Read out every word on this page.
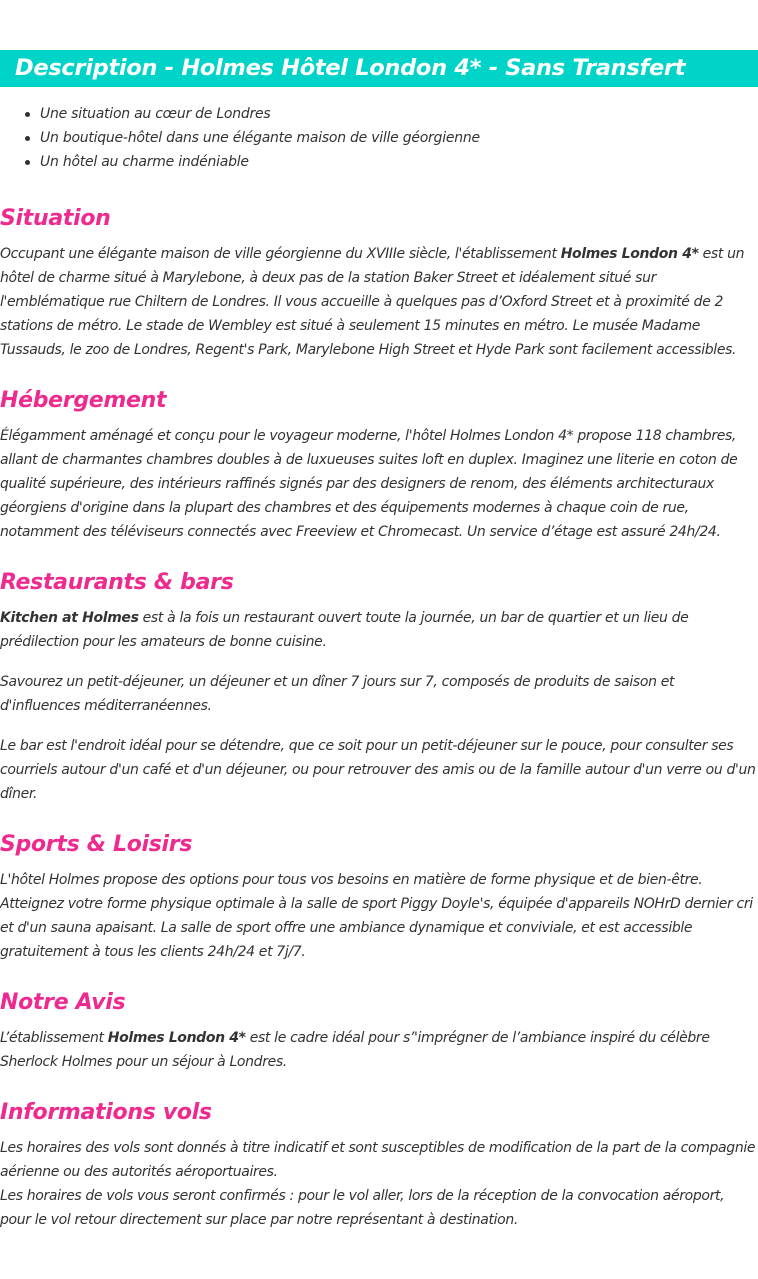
Description - Holmes Hôtel London 4* - Sans Transfert
Une situation au cœur de Londres
Un boutique-hôtel dans une élégante maison de ville géorgienne
Un hôtel au charme indéniable
Situation

Occupant une élégante maison de ville géorgienne du XVIIIe siècle, l'établissement Holmes London 4* est un hôtel de charme situé à Marylebone, à deux pas de la station Baker Street et idéalement situé sur l'emblématique rue Chiltern de Londres. Il vous accueille à quelques pas d’Oxford Street et à proximité de 2 stations de métro. Le stade de Wembley est situé à seulement 15 minutes en métro. Le musée Madame Tussauds, le zoo de Londres, Regent's Park, Marylebone High Street et Hyde Park sont facilement accessibles.

Hébergement

Élégamment aménagé et conçu pour le voyageur moderne, l'hôtel Holmes London 4* propose 118 chambres, allant de charmantes chambres doubles à de luxueuses suites loft en duplex. Imaginez une literie en coton de qualité supérieure, des intérieurs raffinés signés par des designers de renom, des éléments architecturaux géorgiens d'origine dans la plupart des chambres et des équipements modernes à chaque coin de rue, notamment des téléviseurs connectés avec Freeview et Chromecast. Un service d’étage est assuré 24h/24.

Restaurants & bars

Kitchen at Holmes est à la fois un restaurant ouvert toute la journée, un bar de quartier et un lieu de prédilection pour les amateurs de bonne cuisine.

Savourez un petit-déjeuner, un déjeuner et un dîner 7 jours sur 7, composés de produits de saison et d'influences méditerranéennes.

Le bar est l'endroit idéal pour se détendre, que ce soit pour un petit-déjeuner sur le pouce, pour consulter ses courriels autour d'un café et d'un déjeuner, ou pour retrouver des amis ou de la famille autour d'un verre ou d'un dîner.

Sports & Loisirs

L'hôtel Holmes propose des options pour tous vos besoins en matière de forme physique et de bien-être. Atteignez votre forme physique optimale à la salle de sport Piggy Doyle's, équipée d'appareils NOHrD dernier cri et d'un sauna apaisant. La salle de sport offre une ambiance dynamique et conviviale, et est accessible gratuitement à tous les clients 24h/24 et 7j/7.

Notre Avis

L’établissement Holmes London 4* est le cadre idéal pour s’'imprégner de l’ambiance inspiré du célèbre Sherlock Holmes pour un séjour à Londres.

Informations vols

Les horaires des vols sont donnés à titre indicatif et sont susceptibles de modification de la part de la compagnie aérienne ou des autorités aéroportuaires.

Les horaires de vols vous seront confirmés : pour le vol aller, lors de la réception de la convocation aéroport, pour le vol retour directement sur place par notre représentant à destination.
